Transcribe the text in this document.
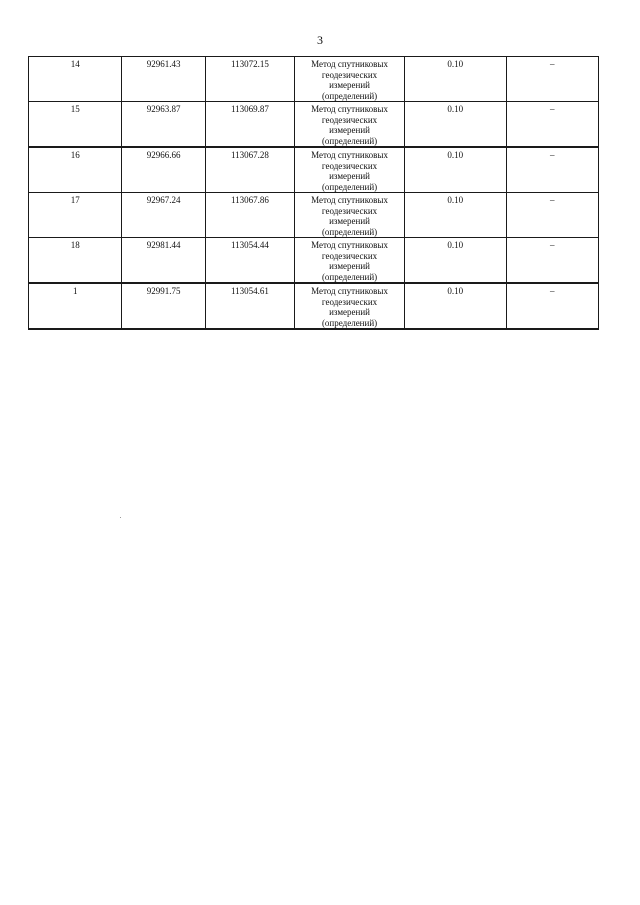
3
14	92961.43	113072.15	Метод спутниковых
геодезических
измерений
(определений)	0.10	–
15	92963.87	113069.87	Метод спутниковых
геодезических
измерений
(определений)	0.10	–
16	92966.66	113067.28	Метод спутниковых
геодезических
измерений
(определений)	0.10	–
17	92967.24	113067.86	Метод спутниковых
геодезических
измерений
(определений)	0.10	–
18	92981.44	113054.44	Метод спутниковых
геодезических
измерений
(определений)	0.10	–
1	92991.75	113054.61	Метод спутниковых
геодезических
измерений
(определений)	0.10	–
